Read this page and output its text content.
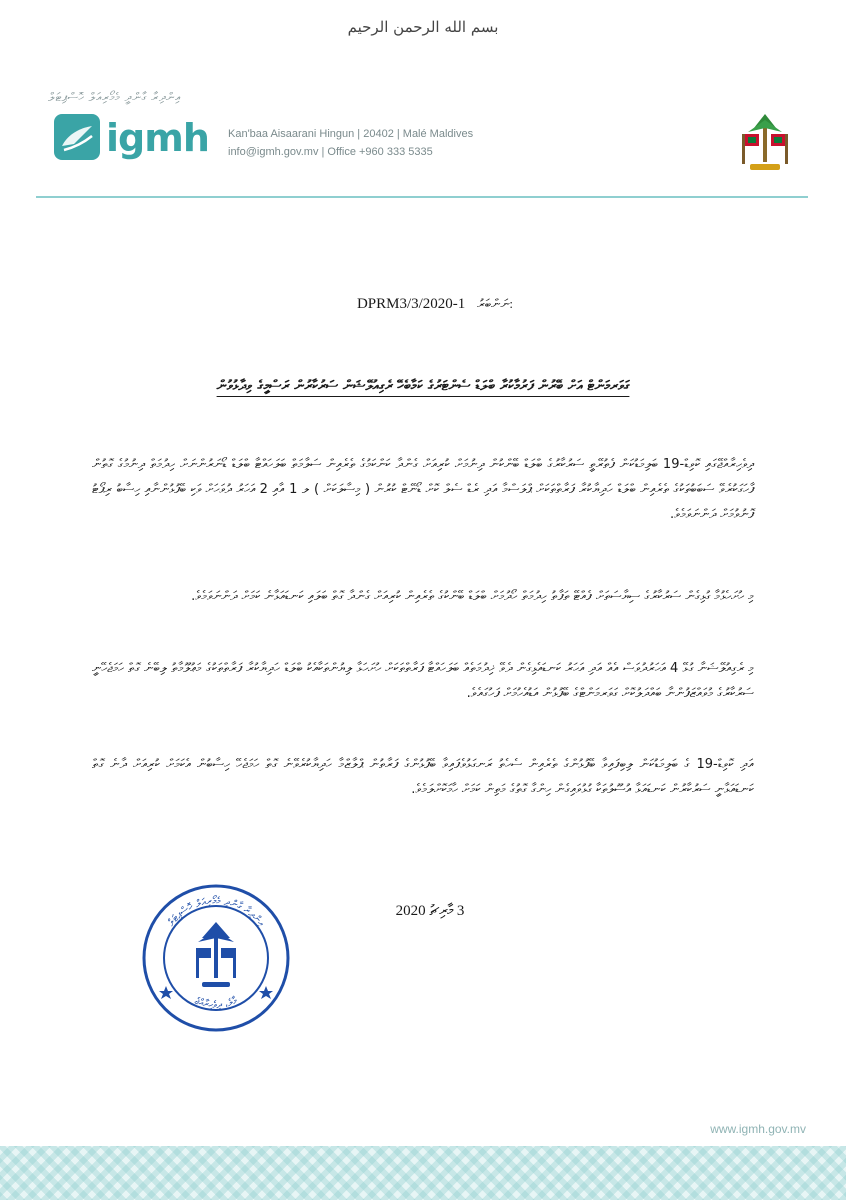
بسم الله الرحمن الرحيم
އިންދިރާ ގާންދީ މެމޯރިއަލް ހޮސްޕިޓަލް
igmh Kan'baa Aisaarani Hingun | 20402 | Malé Maldives
info@igmh.gov.mv | Office +960 333 5335
DPRM3/3/2020-1 ނަންބަރު:
ގަވަރމަންޓް އަށް ބޭރުން ފަރުމާކުރާ ބްލަޑް ސެންޓަރުގެ ކަމާބެހޭ ރެގިއުލޭޝަން ސަރުކާރުން ރަސްމީގެ ވިދާޅުވުން
ދިވެހިރާއްޖޭގައި ކޮވިޑް-19 ބަލިމަޑުކަން ފެތުރޭތީ ސަރުކާރުގެ ބްލަޑް ބޭންކުން ދިނުމަށް ކުރިއަށް ގެންދާ ކަންކަމުގެ ތެރެއިން ސަލާމަތް ބަލަހައްޓާ ބްލަޑް ޑޯނަރުންނަށް ހިދުމަތް ދިނުމުގެ ގޮތުން ފާހަގަކުރެވޭ ސަބަބުތަކުގެ ތެރެއިން ބްލަޑް ހަދިޔާކުރާ ފަރާތްތަކަށް ޕްލަސްމާ އަދި ރެޑް ސެލް ކޮށް ޑޯނޭޓް ކުރުން ( މިސާލަކަށް ) ލ 1 އާއި 2 އަހަރު ދުވަހަށް ވަކި ބޭފުޅުންނާއި ހިސާބު ރިޕޯޓު ފޮނުވުމަށް ދަންނަވަމެވެ.
މި ހުށަހެޅުމާ ގުޅިގެން ސަރުކާރުގެ ސިޔާސަތަށް ފެއްޓޭ ތަފާތު ހިދުމަތް ހޯދުމަށް ބްލަޑް ބޭންކުގެ ތެރެއިން ކުރިއަށް ގެންދާ ގޮތް ބަލައި ކަނޑައަޅާނެ ކަމަށް ދަންނަވަމެވެ.
މި ރެގިއުލޭޝަނާ ގުޅޭ 4 އަހަރުދުވަސް އެއް އަދި އަހަރު ކަނޑައެޅިގެން ދެވޭ ޚިދުމަތެއް ބަލަހައްޓާ ފަރާތްތަކަށް ހުށަހަޅާ ލިޔުންތަކާއެކު ބްލަޑް ހަދިޔާކުރާ ފަރާތްތަކުގެ މަޢުލޫމާތު ލިބޭނެ ގޮތް ހަމަޖެހޭނީ ސަރުކާރުގެ މުވައްޒަފުންނާ ބައްދަލުކޮށް ގަވަރމަންޓްގެ ބޭފުޅުން އަޑުއެހުމަށް ފަހުގައެވެ.
އަދި ކޮވިޑް-19 ގެ ބަލިމަޑުކަން ލިބިފައިވާ ބޭފުޅުންގެ ތެރެއިން ސެހެތު ރަނގަޅުވެފައިވާ ބޭފުޅުންގެ ފަރާތުން ޕްލާޒްމާ ހަދިޔާކުރެވޭނެ ގޮތް ހަމަޖެހޭ ހިސާބުން އެކަމަށް ކުރިއަށް ދާނެ ގޮތް ކަނޑައަޅާނީ ސަރުކާރުން ކަނޑައަޅާ އުސޫލުތަކާ ގުޅުވައިގެން ހިންގާ ގޮތުގެ މަތިން ކަމަށް ހާމަކޮށްލަމެވެ.
އިންދިރާ ގާންދީ މެމޯރިއަލް ހޮސްޕިޓަލް
މާލެ، ދިވެހިރާއްޖެ
3 މާރިޗު 2020
www.igmh.gov.mv
